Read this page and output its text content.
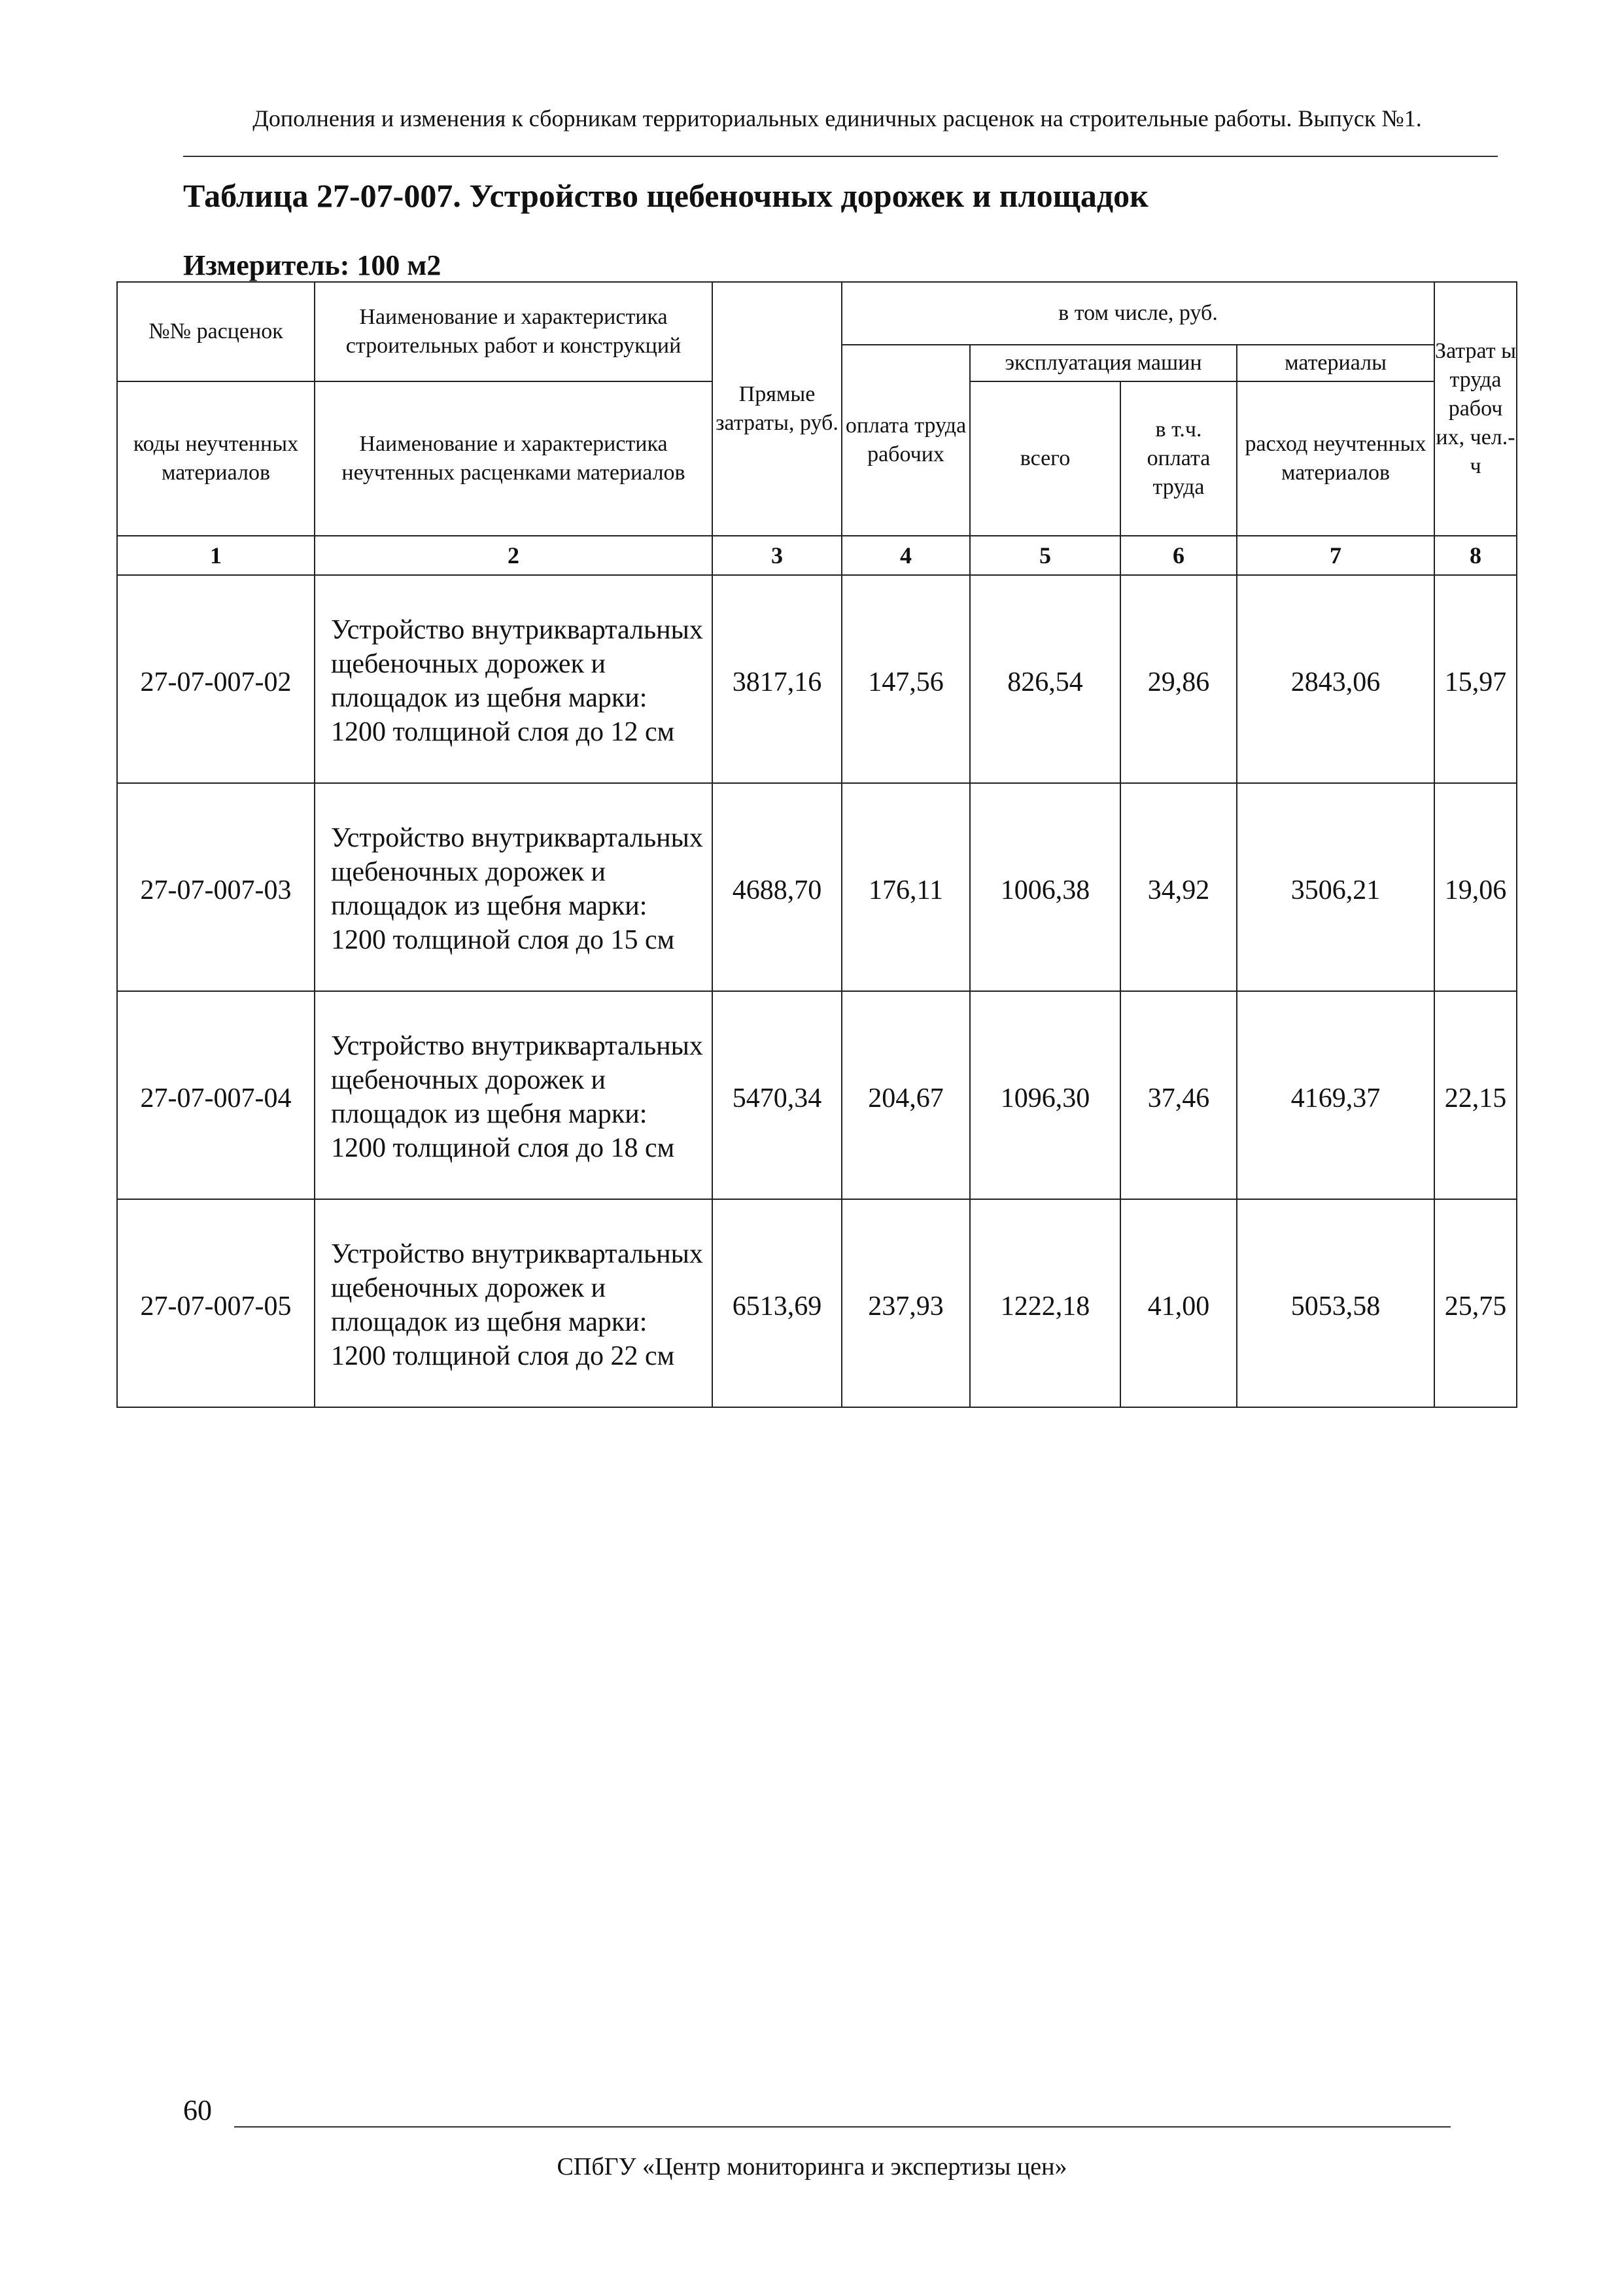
Дополнения и изменения к сборникам территориальных единичных расценок на строительные работы. Выпуск №1.
Таблица 27-07-007. Устройство щебеночных дорожек и площадок
Измеритель: 100 м2
№№ расценок	Наименование и характеристика строительных работ и конструкций	Прямые затраты, руб.	в том числе, руб.				Затрат ы труда рабоч их, чел.-ч
			оплата труда рабочих	эксплуатация машин		материалы	
коды неучтенных материалов	Наименование и характеристика неучтенных расценками материалов			всего	в т.ч. оплата труда	расход неучтенных материалов	
1	2	3	4	5	6	7	8
27-07-007-02	Устройство внутриквартальных щебеночных дорожек и площадок из щебня марки: 1200 толщиной слоя до 12 см	3817,16	147,56	826,54	29,86	2843,06	15,97
27-07-007-03	Устройство внутриквартальных щебеночных дорожек и площадок из щебня марки: 1200 толщиной слоя до 15 см	4688,70	176,11	1006,38	34,92	3506,21	19,06
27-07-007-04	Устройство внутриквартальных щебеночных дорожек и площадок из щебня марки: 1200 толщиной слоя до 18 см	5470,34	204,67	1096,30	37,46	4169,37	22,15
27-07-007-05	Устройство внутриквартальных щебеночных дорожек и площадок из щебня марки: 1200 толщиной слоя до 22 см	6513,69	237,93	1222,18	41,00	5053,58	25,75
60
СПбГУ «Центр мониторинга и экспертизы цен»
